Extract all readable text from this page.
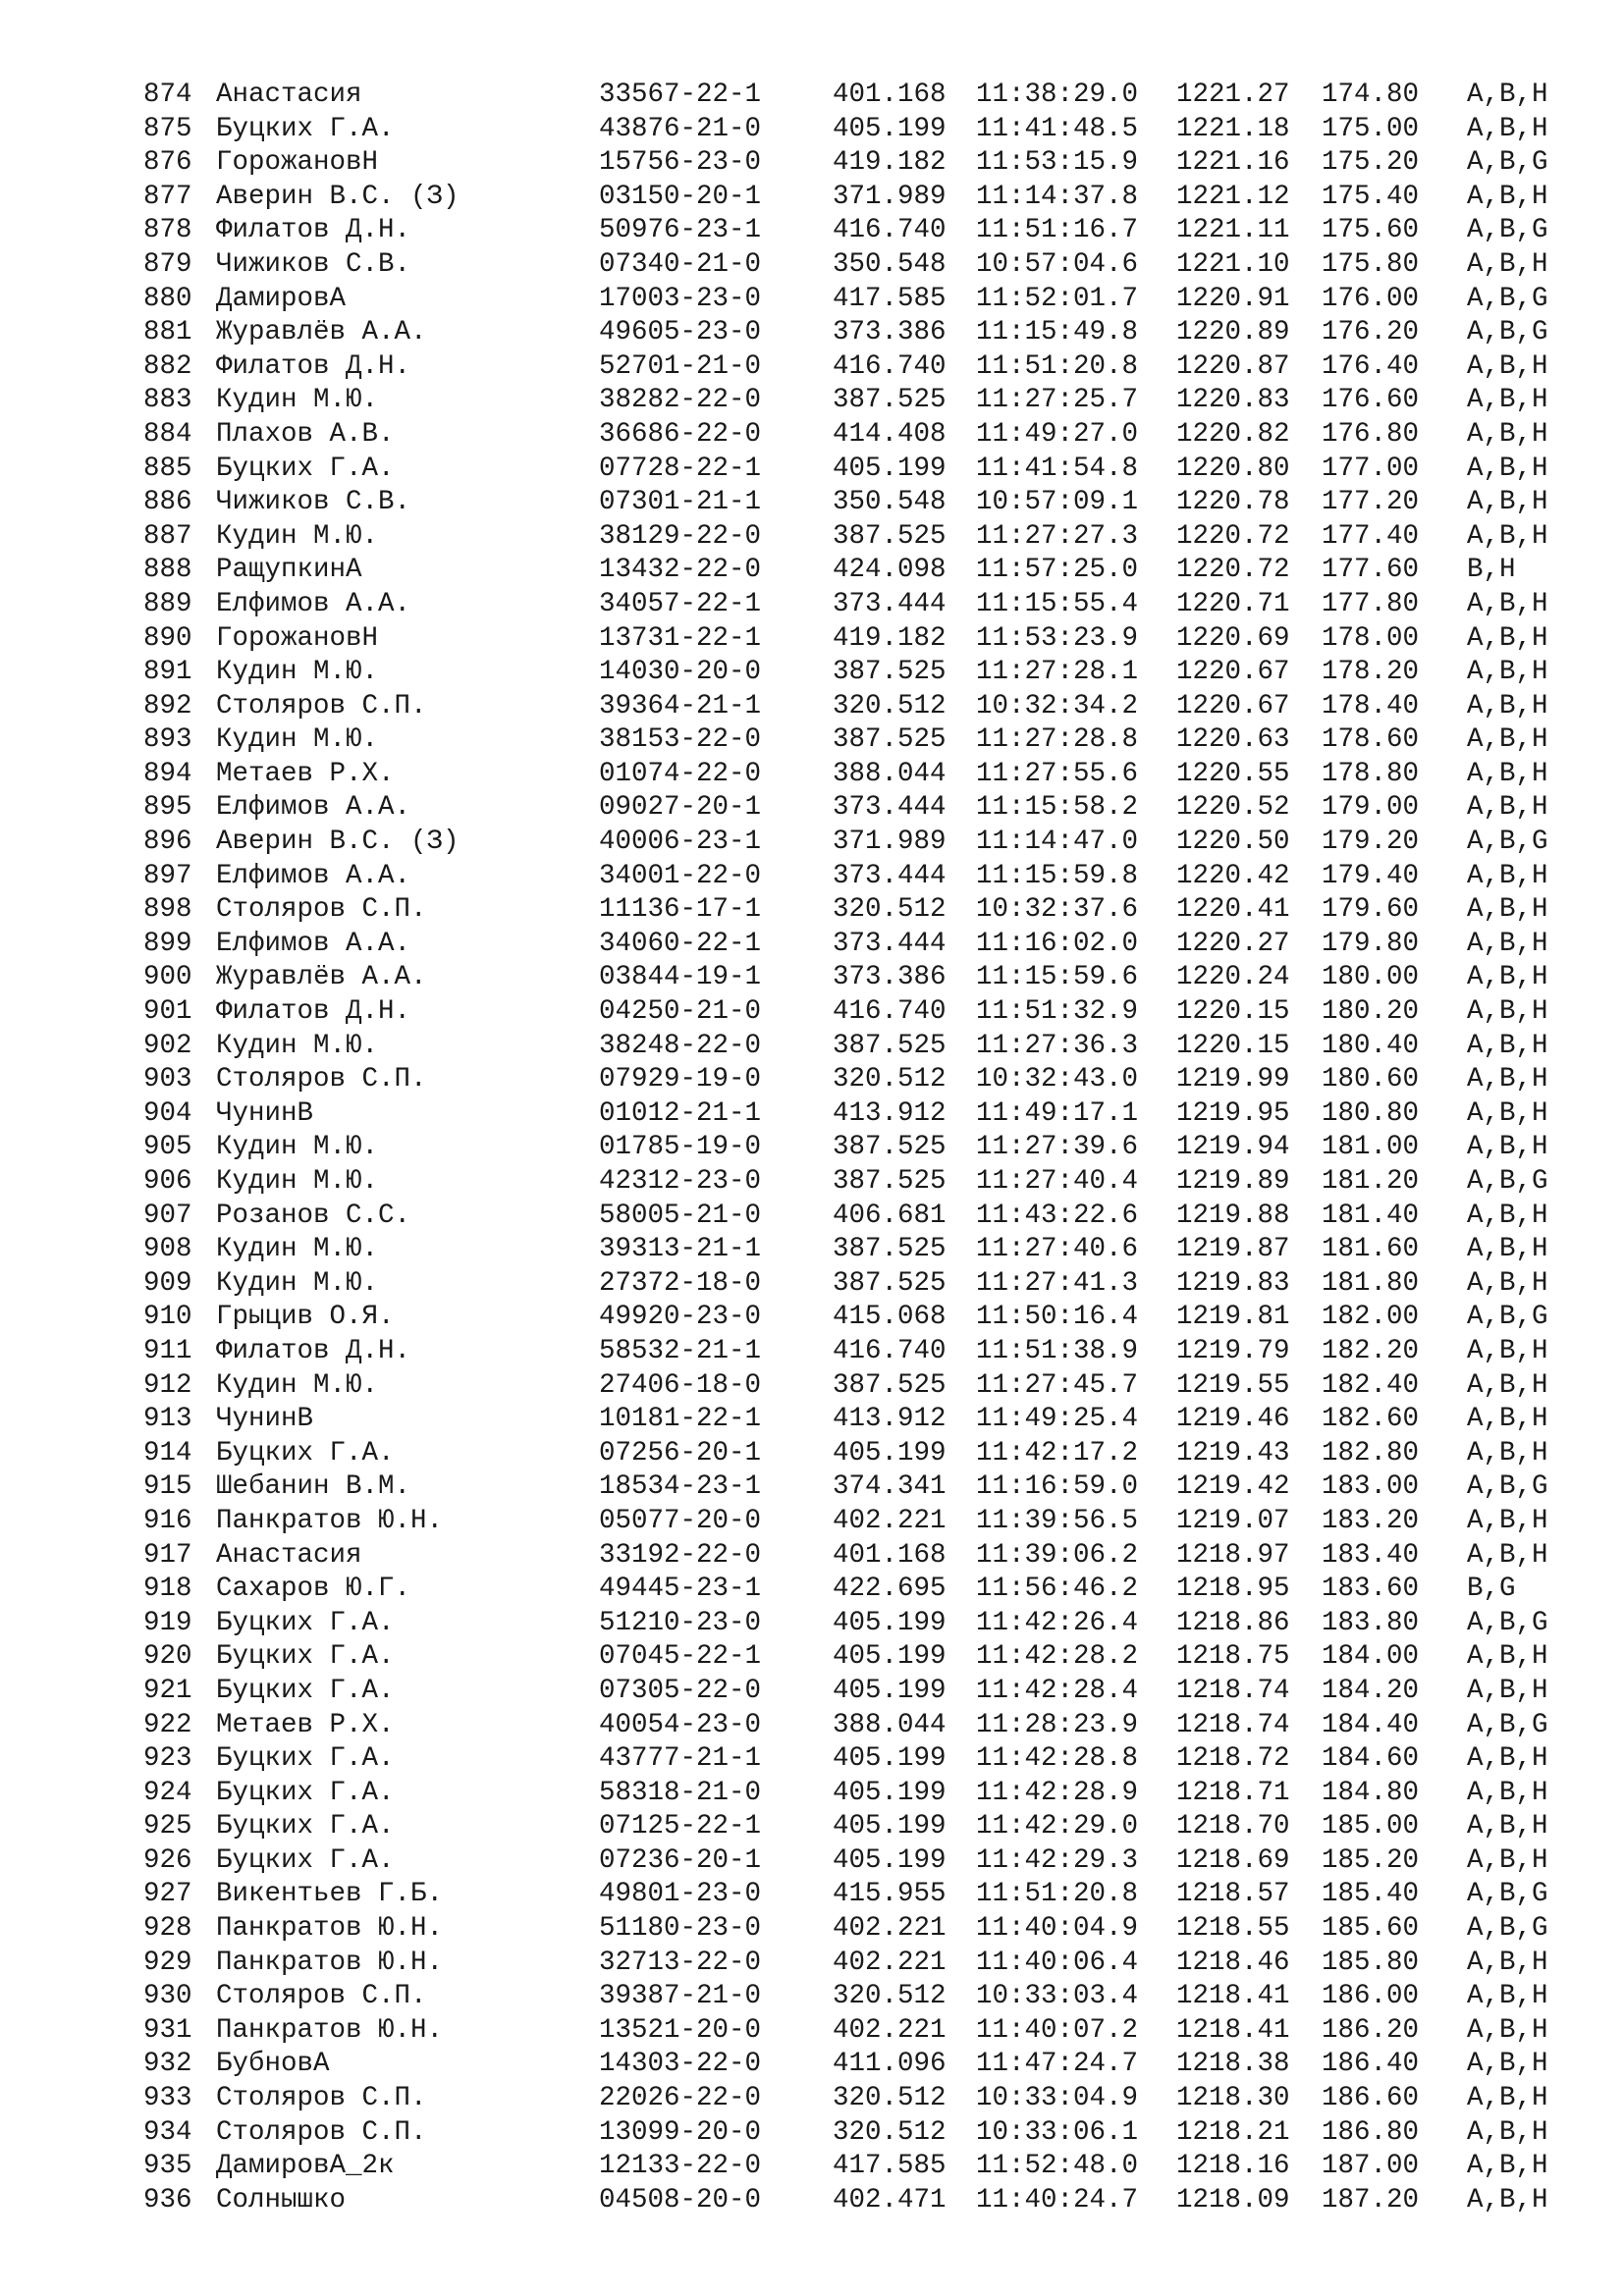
874 Анастасия	33567-22-1	401.168 11:38:29.0 1221.27 174.80 A,B,H
875 Буцких Г.А.	43876-21-0	405.199 11:41:48.5 1221.18 175.00 A,B,H
876 ГорожановН	15756-23-0	419.182 11:53:15.9 1221.16 175.20 A,B,G
877 Аверин В.С. (З)	03150-20-1	371.989 11:14:37.8 1221.12 175.40 A,B,H
878 Филатов Д.Н.	50976-23-1	416.740 11:51:16.7 1221.11 175.60 A,B,G
879 Чижиков С.В.	07340-21-0	350.548 10:57:04.6 1221.10 175.80 A,B,H
880 ДамировА	17003-23-0	417.585 11:52:01.7 1220.91 176.00 A,B,G
881 Журавлёв А.А.	49605-23-0	373.386 11:15:49.8 1220.89 176.20 A,B,G
882 Филатов Д.Н.	52701-21-0	416.740 11:51:20.8 1220.87 176.40 A,B,H
883 Кудин М.Ю.	38282-22-0	387.525 11:27:25.7 1220.83 176.60 A,B,H
884 Плахов А.В.	36686-22-0	414.408 11:49:27.0 1220.82 176.80 A,B,H
885 Буцких Г.А.	07728-22-1	405.199 11:41:54.8 1220.80 177.00 A,B,H
886 Чижиков С.В.	07301-21-1	350.548 10:57:09.1 1220.78 177.20 A,B,H
887 Кудин М.Ю.	38129-22-0	387.525 11:27:27.3 1220.72 177.40 A,B,H
888 РащупкинА	13432-22-0	424.098 11:57:25.0 1220.72 177.60 B,H
889 Елфимов А.А.	34057-22-1	373.444 11:15:55.4 1220.71 177.80 A,B,H
890 ГорожановН	13731-22-1	419.182 11:53:23.9 1220.69 178.00 A,B,H
891 Кудин М.Ю.	14030-20-0	387.525 11:27:28.1 1220.67 178.20 A,B,H
892 Столяров С.П.	39364-21-1	320.512 10:32:34.2 1220.67 178.40 A,B,H
893 Кудин М.Ю.	38153-22-0	387.525 11:27:28.8 1220.63 178.60 A,B,H
894 Метаев Р.Х.	01074-22-0	388.044 11:27:55.6 1220.55 178.80 A,B,H
895 Елфимов А.А.	09027-20-1	373.444 11:15:58.2 1220.52 179.00 A,B,H
896 Аверин В.С. (З)	40006-23-1	371.989 11:14:47.0 1220.50 179.20 A,B,G
897 Елфимов А.А.	34001-22-0	373.444 11:15:59.8 1220.42 179.40 A,B,H
898 Столяров С.П.	11136-17-1	320.512 10:32:37.6 1220.41 179.60 A,B,H
899 Елфимов А.А.	34060-22-1	373.444 11:16:02.0 1220.27 179.80 A,B,H
900 Журавлёв А.А.	03844-19-1	373.386 11:15:59.6 1220.24 180.00 A,B,H
901 Филатов Д.Н.	04250-21-0	416.740 11:51:32.9 1220.15 180.20 A,B,H
902 Кудин М.Ю.	38248-22-0	387.525 11:27:36.3 1220.15 180.40 A,B,H
903 Столяров С.П.	07929-19-0	320.512 10:32:43.0 1219.99 180.60 A,B,H
904 ЧунинВ	01012-21-1	413.912 11:49:17.1 1219.95 180.80 A,B,H
905 Кудин М.Ю.	01785-19-0	387.525 11:27:39.6 1219.94 181.00 A,B,H
906 Кудин М.Ю.	42312-23-0	387.525 11:27:40.4 1219.89 181.20 A,B,G
907 Розанов С.С.	58005-21-0	406.681 11:43:22.6 1219.88 181.40 A,B,H
908 Кудин М.Ю.	39313-21-1	387.525 11:27:40.6 1219.87 181.60 A,B,H
909 Кудин М.Ю.	27372-18-0	387.525 11:27:41.3 1219.83 181.80 A,B,H
910 Грыцив О.Я.	49920-23-0	415.068 11:50:16.4 1219.81 182.00 A,B,G
911 Филатов Д.Н.	58532-21-1	416.740 11:51:38.9 1219.79 182.20 A,B,H
912 Кудин М.Ю.	27406-18-0	387.525 11:27:45.7 1219.55 182.40 A,B,H
913 ЧунинВ	10181-22-1	413.912 11:49:25.4 1219.46 182.60 A,B,H
914 Буцких Г.А.	07256-20-1	405.199 11:42:17.2 1219.43 182.80 A,B,H
915 Шебанин В.М.	18534-23-1	374.341 11:16:59.0 1219.42 183.00 A,B,G
916 Панкратов Ю.Н.	05077-20-0	402.221 11:39:56.5 1219.07 183.20 A,B,H
917 Анастасия	33192-22-0	401.168 11:39:06.2 1218.97 183.40 A,B,H
918 Сахаров Ю.Г.	49445-23-1	422.695 11:56:46.2 1218.95 183.60 B,G
919 Буцких Г.А.	51210-23-0	405.199 11:42:26.4 1218.86 183.80 A,B,G
920 Буцких Г.А.	07045-22-1	405.199 11:42:28.2 1218.75 184.00 A,B,H
921 Буцких Г.А.	07305-22-0	405.199 11:42:28.4 1218.74 184.20 A,B,H
922 Метаев Р.Х.	40054-23-0	388.044 11:28:23.9 1218.74 184.40 A,B,G
923 Буцких Г.А.	43777-21-1	405.199 11:42:28.8 1218.72 184.60 A,B,H
924 Буцких Г.А.	58318-21-0	405.199 11:42:28.9 1218.71 184.80 A,B,H
925 Буцких Г.А.	07125-22-1	405.199 11:42:29.0 1218.70 185.00 A,B,H
926 Буцких Г.А.	07236-20-1	405.199 11:42:29.3 1218.69 185.20 A,B,H
927 Викентьев Г.Б.	49801-23-0	415.955 11:51:20.8 1218.57 185.40 A,B,G
928 Панкратов Ю.Н.	51180-23-0	402.221 11:40:04.9 1218.55 185.60 A,B,G
929 Панкратов Ю.Н.	32713-22-0	402.221 11:40:06.4 1218.46 185.80 A,B,H
930 Столяров С.П.	39387-21-0	320.512 10:33:03.4 1218.41 186.00 A,B,H
931 Панкратов Ю.Н.	13521-20-0	402.221 11:40:07.2 1218.41 186.20 A,B,H
932 БубновА	14303-22-0	411.096 11:47:24.7 1218.38 186.40 A,B,H
933 Столяров С.П.	22026-22-0	320.512 10:33:04.9 1218.30 186.60 A,B,H
934 Столяров С.П.	13099-20-0	320.512 10:33:06.1 1218.21 186.80 A,B,H
935 ДамировА_2к	12133-22-0	417.585 11:52:48.0 1218.16 187.00 A,B,H
936 Солнышко	04508-20-0	402.471 11:40:24.7 1218.09 187.20 A,B,H
